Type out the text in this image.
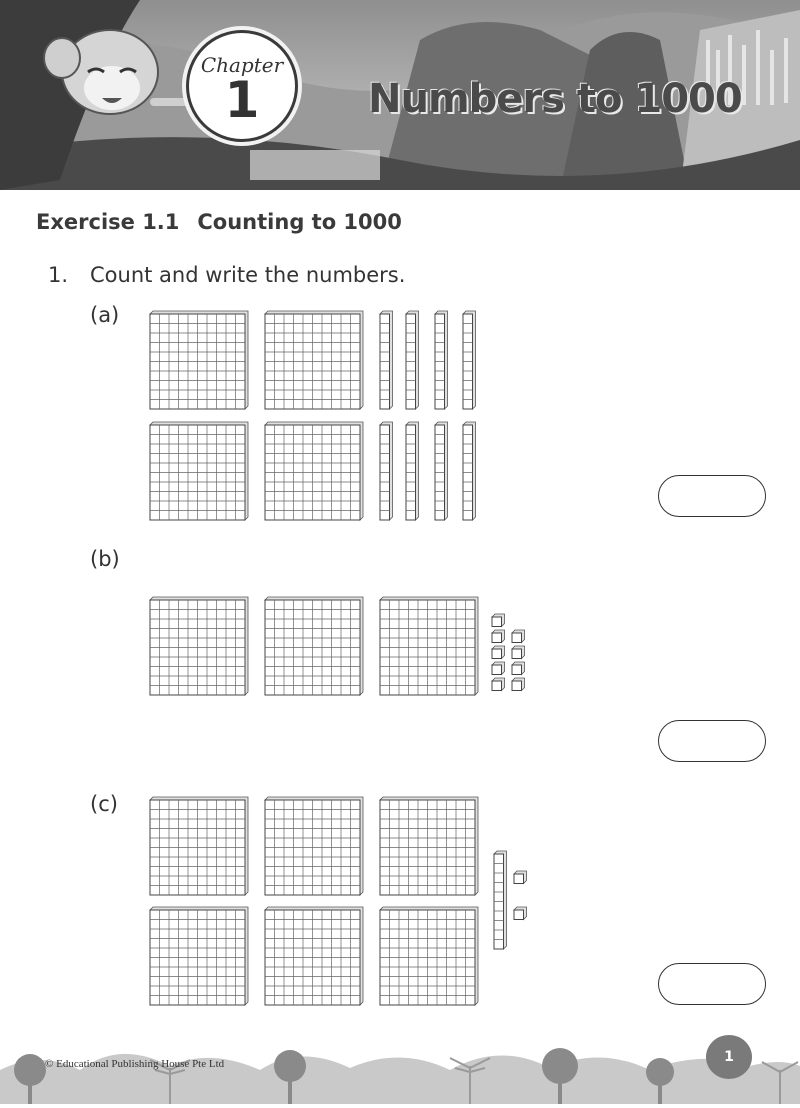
Chapter
1	Numbers to 1000
Exercise 1.1 Counting to 1000
1. Count and write the numbers.
(a)
(b)
(c)
© Educational Publishing House Pte Ltd	1
